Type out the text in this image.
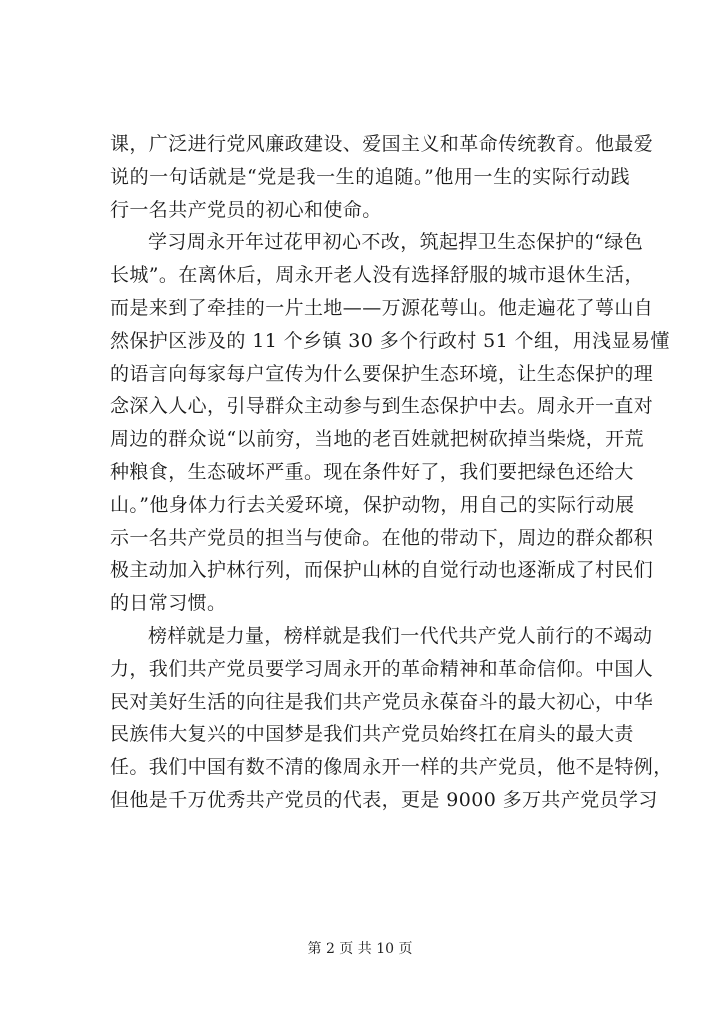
课，广泛进行党风廉政建设、爱国主义和革命传统教育。他最爱
说的一句话就是“党是我一生的追随。”他用一生的实际行动践
行一名共产党员的初心和使命。
学习周永开年过花甲初心不改，筑起捍卫生态保护的“绿色
长城”。在离休后，周永开老人没有选择舒服的城市退休生活，
而是来到了牵挂的一片土地——万源花萼山。他走遍花了萼山自
然保护区涉及的 11 个乡镇 30 多个行政村 51 个组，用浅显易懂
的语言向每家每户宣传为什么要保护生态环境，让生态保护的理
念深入人心，引导群众主动参与到生态保护中去。周永开一直对
周边的群众说“以前穷，当地的老百姓就把树砍掉当柴烧，开荒
种粮食，生态破坏严重。现在条件好了，我们要把绿色还给大
山。”他身体力行去关爱环境，保护动物，用自己的实际行动展
示一名共产党员的担当与使命。在他的带动下，周边的群众都积
极主动加入护林行列，而保护山林的自觉行动也逐渐成了村民们
的日常习惯。
榜样就是力量，榜样就是我们一代代共产党人前行的不竭动
力，我们共产党员要学习周永开的革命精神和革命信仰。中国人
民对美好生活的向往是我们共产党员永葆奋斗的最大初心，中华
民族伟大复兴的中国梦是我们共产党员始终扛在肩头的最大责
任。我们中国有数不清的像周永开一样的共产党员，他不是特例，
但他是千万优秀共产党员的代表，更是 9000 多万共产党员学习
第 2 页 共 10 页
